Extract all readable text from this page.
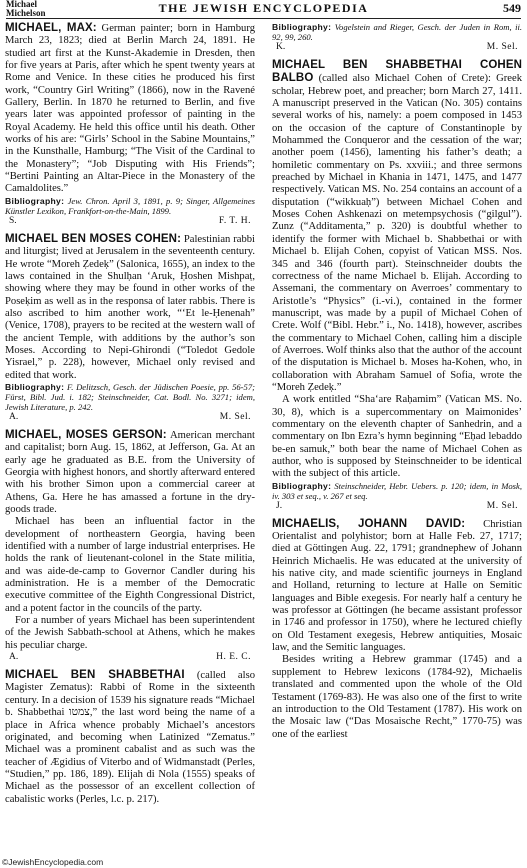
Michael
Michelson	THE JEWISH ENCYCLOPEDIA	549

MICHAEL, MAX: German painter; born in Hamburg March 23, 1823; died at Berlin March 24, 1891. He studied art first at the Kunst-Akademie in Dresden, then for five years at Paris, after which he spent twenty years at Rome and Venice. In these cities he produced his first work, “Country Girl Writing” (1866), now in the Ravené Gallery, Berlin. In 1870 he returned to Berlin, and five years later was appointed professor of painting in the Royal Academy. He held this office until his death. Other works of his are: “Girls’ School in the Sabine Mountains,” in the Kunsthalle, Hamburg; “The Visit of the Cardinal to the Monastery”; “Job Disputing with His Friends”; “Bertini Painting an Altar-Piece in the Monastery of the Camaldolites.”

Bibliography: Jew. Chron. April 3, 1891, p. 9; Singer, Allgemeines Künstler Lexikon, Frankfort-on-the-Main, 1899.

S.	F. T. H.

MICHAEL BEN MOSES COHEN: Palestinian rabbi and liturgist; lived at Jerusalem in the seventeenth century. He wrote “Moreh Ẓedeḳ” (Salonica, 1655), an index to the laws contained in the Shulḥan ‘Aruk, Ḥoshen Mishpaṭ, showing where they may be found in other works of the Poseḳim as well as in the responsa of later rabbis. There is also ascribed to him another work, “‘Et le-Ḥenenah” (Venice, 1708), prayers to be recited at the western wall of the ancient Temple, with additions by the author’s son Moses. According to Nepi-Ghirondi (“Toledot Gedole Yisrael,” p. 228), however, Michael only revised and edited that work.

Bibliography: F. Delitzsch, Gesch. der Jüdischen Poesie, pp. 56-57; Fürst, Bibl. Jud. i. 182; Steinschneider, Cat. Bodl. No. 3271; idem, Jewish Literature, p. 242.

A.	M. Sel.

MICHAEL, MOSES GERSON: American merchant and capitalist; born Aug. 15, 1862, at Jefferson, Ga. At an early age he graduated as B.E. from the University of Georgia with highest honors, and shortly afterward entered with his brother Simon upon a commercial career at Athens, Ga. Here he has amassed a fortune in the dry-goods trade.

Michael has been an influential factor in the development of northeastern Georgia, having been identified with a number of large industrial enterprises. He holds the rank of lieutenant-colonel in the State militia, and was aide-de-camp to Governor Candler during his administration. He is a member of the Democratic executive committee of the Eighth Congressional District, and a potent factor in the councils of the party.

For a number of years Michael has been superintendent of the Jewish Sabbath-school at Athens, which he makes his peculiar charge.

A.	H. E. C.

MICHAEL BEN SHABBETHAI (called also Magister Zematus): Rabbi of Rome in the sixteenth century. In a decision of 1539 his signature reads “Michael b. Shabbethai צמטו,” the last word being the name of a place in Africa whence probably Michael’s ancestors originated, and becoming when Latinized “Zematus.” Michael was a prominent cabalist and as such was the teacher of Ægidius of Viterbo and of Widmanstadt (Perles, “Studien,” pp. 186, 189). Elijah di Nola (1555) speaks of Michael as the possessor of an excellent collection of cabalistic works (Perles, l.c. p. 217).

Bibliography: Vogelstein and Rieger, Gesch. der Juden in Rom, ii. 92, 99, 260.

K.	M. Sel.

MICHAEL BEN SHABBETHAI COHEN BALBO (called also Michael Cohen of Crete): Greek scholar, Hebrew poet, and preacher; born March 27, 1411. A manuscript preserved in the Vatican (No. 305) contains several works of his, namely: a poem composed in 1453 on the occasion of the capture of Constantinople by Mohammed the Conqueror and the cessation of the war; another poem (1456), lamenting his father’s death; a homiletic commentary on Ps. xxviii.; and three sermons preached by Michael in Khania in 1471, 1475, and 1477 respectively. Vatican MS. No. 254 contains an account of a disputation (“wikkuaḥ”) between Michael Cohen and Moses Cohen Ashkenazi on metempsychosis (“gilgul”). Zunz (“Additamenta,” p. 320) is doubtful whether to identify the former with Michael b. Shabbethai or with Michael b. Elijah Cohen, copyist of Vatican MSS. Nos. 345 and 346 (fourth part). Steinschneider doubts the correctness of the name Michael b. Elijah. According to Assemani, the commentary on Averroes’ commentary to Aristotle’s “Physics” (i.-vi.), contained in the former manuscript, was made by a pupil of Michael Cohen of Crete. Wolf (“Bibl. Hebr.” i., No. 1418), however, ascribes the commentary to Michael Cohen, calling him a disciple of Averroes. Wolf thinks also that the author of the account of the disputation is Michael b. Moses ha-Kohen, who, in collaboration with Abraham Samuel of Sofia, wrote the “Moreh Ẓedeḳ.”

A work entitled “Sha‘are Raḥamim” (Vatican MS. No. 30, 8), which is a supercommentary on Maimonides’ commentary on the eleventh chapter of Sanhedrin, and a commentary on Ibn Ezra’s hymn beginning “Eḥad lebaddo be-en samuk,” both bear the name of Michael Cohen as author, who is supposed by Steinschneider to be identical with the subject of this article.

Bibliography: Steinschneider, Hebr. Uebers. p. 120; idem, in Mosk, iv. 303 et seq., v. 267 et seq.

J.	M. Sel.

MICHAELIS, JOHANN DAVID: Christian Orientalist and polyhistor; born at Halle Feb. 27, 1717; died at Göttingen Aug. 22, 1791; grandnephew of Johann Heinrich Michaelis. He was educated at the university of his native city, and made scientific journeys in England and Holland, returning to lecture at Halle on Semitic languages and Bible exegesis. For nearly half a century he was professor at Göttingen (he became assistant professor in 1746 and professor in 1750), where he lectured chiefly on Old Testament exegesis, Hebrew antiquities, Mosaic law, and the Semitic languages.

Besides writing a Hebrew grammar (1745) and a supplement to Hebrew lexicons (1784-92), Michaelis translated and commented upon the whole of the Old Testament (1769-83). He was also one of the first to write an introduction to the Old Testament (1787). His work on the Mosaic law (“Das Mosaische Recht,” 1770-75) was one of the earliest

©JewishEncyclopedia.com
